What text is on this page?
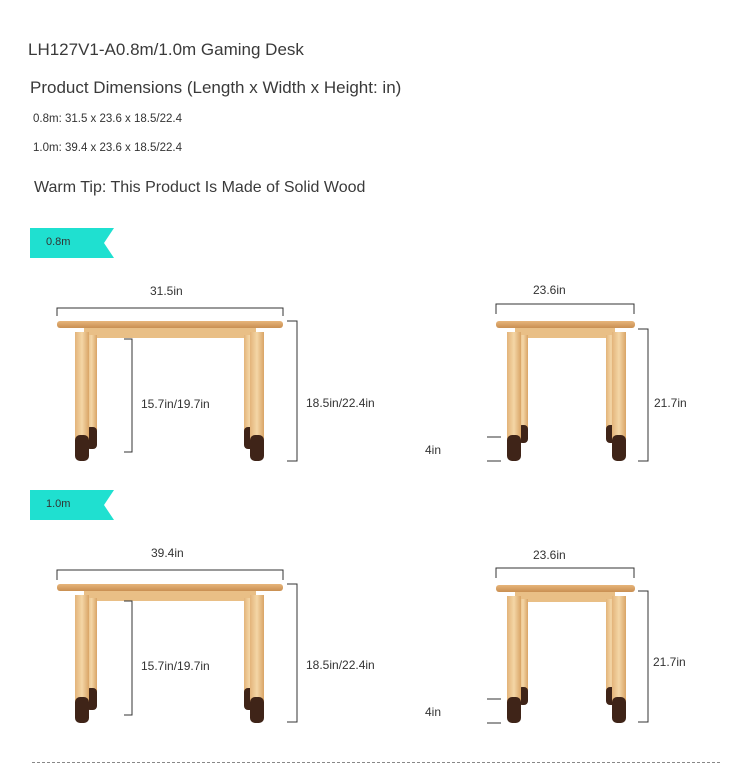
LH127V1-A0.8m/1.0m Gaming Desk
Product Dimensions (Length x Width x Height: in)
0.8m: 31.5 x 23.6 x 18.5/22.4
1.0m: 39.4 x 23.6 x 18.5/22.4
Warm Tip: This Product Is Made of Solid Wood
0.8m
1.0m
31.5in
15.7in/19.7in	18.5in/22.4in
23.6in
21.7in
4in
39.4in
15.7in/19.7in	18.5in/22.4in
23.6in
21.7in
4in
